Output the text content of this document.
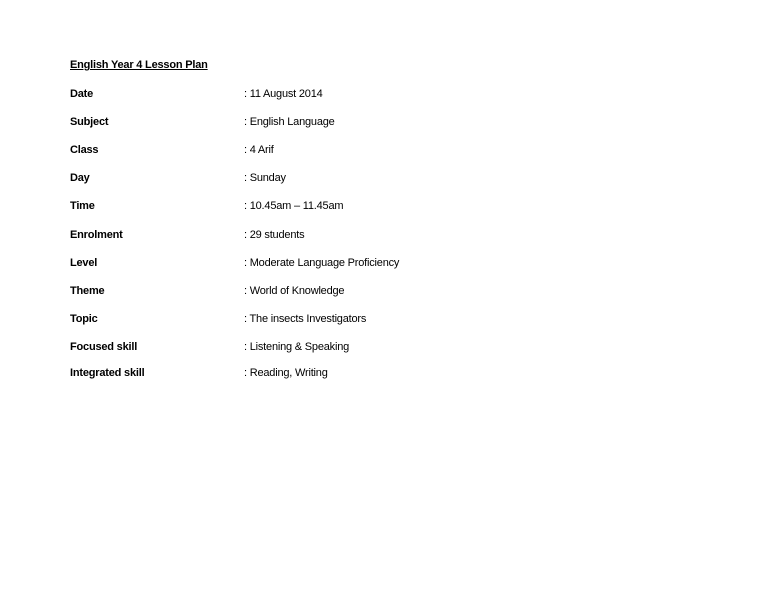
English Year 4 Lesson Plan
Date	: 11 August 2014
Subject	: English Language
Class	: 4 Arif
Day	: Sunday
Time	: 10.45am – 11.45am
Enrolment	: 29 students
Level	: Moderate Language Proficiency
Theme	: World of Knowledge
Topic	: The insects Investigators
Focused skill	: Listening & Speaking
Integrated skill	: Reading, Writing
